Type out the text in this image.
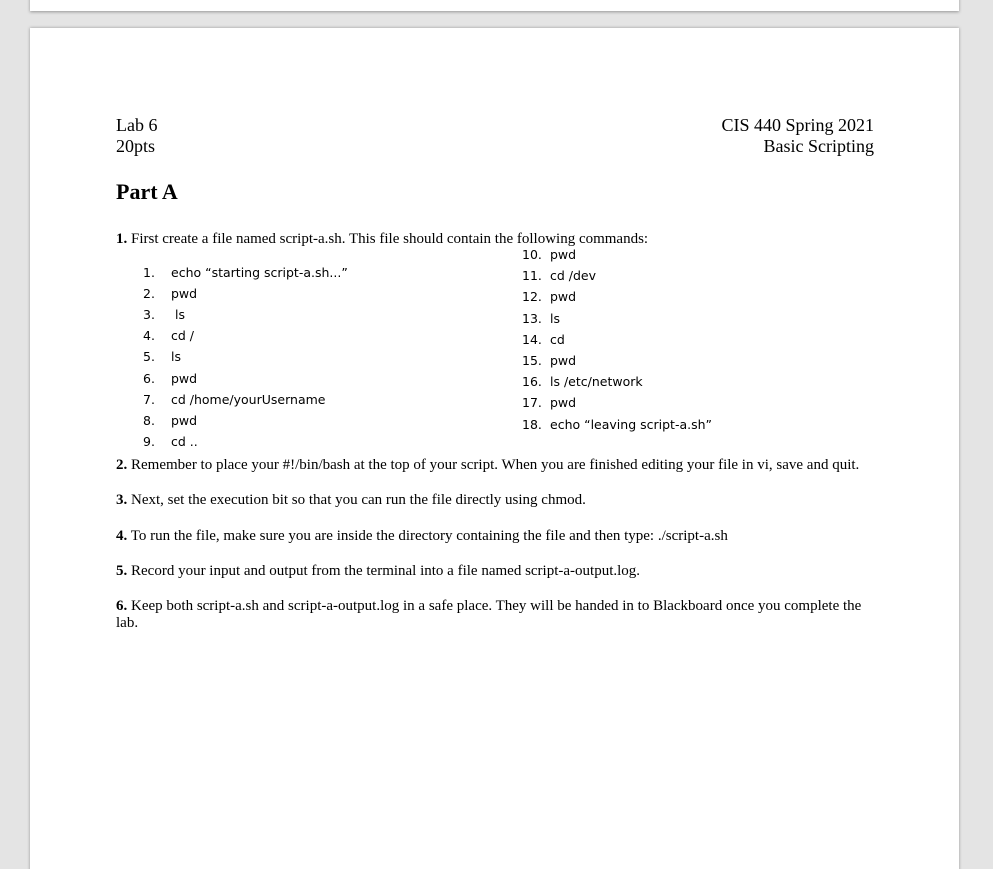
Lab 6
20pts
CIS 440 Spring 2021
Basic Scripting
Part A
1. First create a file named script-a.sh. This file should contain the following commands:
1. echo “starting script-a.sh...”
2. pwd
3. ls
4. cd /
5. ls
6. pwd
7. cd /home/yourUsername
8. pwd
9. cd ..
10. pwd
11. cd /dev
12. pwd
13. ls
14. cd
15. pwd
16. ls /etc/network
17. pwd
18. echo “leaving script-a.sh”
2. Remember to place your #!/bin/bash at the top of your script. When you are finished editing your file in vi, save and quit.
3. Next, set the execution bit so that you can run the file directly using chmod.
4. To run the file, make sure you are inside the directory containing the file and then type: ./script-a.sh
5. Record your input and output from the terminal into a file named script-a-output.log.
6. Keep both script-a.sh and script-a-output.log in a safe place. They will be handed in to Blackboard once you complete the lab.
